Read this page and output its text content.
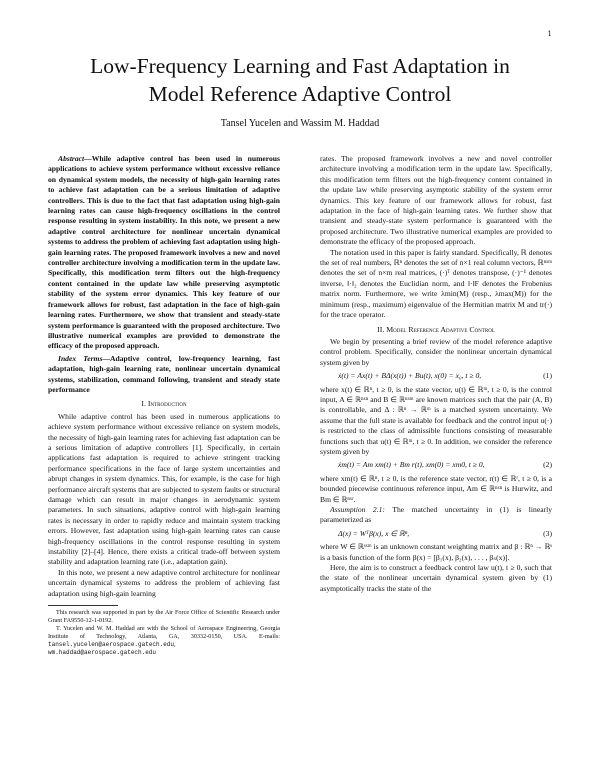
1
Low-Frequency Learning and Fast Adaptation in
Model Reference Adaptive Control
Tansel Yucelen and Wassim M. Haddad

Abstract—While adaptive control has been used in numerous applications to achieve system performance without excessive reliance on dynamical system models, the necessity of high-gain learning rates to achieve fast adaptation can be a serious limitation of adaptive controllers. This is due to the fact that fast adaptation using high-gain learning rates can cause high-frequency oscillations in the control response resulting in system instability. In this note, we present a new adaptive control architecture for nonlinear uncertain dynamical systems to address the problem of achieving fast adaptation using high-gain learning rates. The proposed framework involves a new and novel controller architecture involving a modification term in the update law. Specifically, this modification term filters out the high-frequency content contained in the update law while preserving asymptotic stability of the system error dynamics. This key feature of our framework allows for robust, fast adaptation in the face of high-gain learning rates. Furthermore, we show that transient and steady-state system performance is guaranteed with the proposed architecture. Two illustrative numerical examples are provided to demonstrate the efficacy of the proposed approach.

Index Terms—Adaptive control, low-frequency learning, fast adaptation, high-gain learning rate, nonlinear uncertain dynamical systems, stabilization, command following, transient and steady state performance

I. Introduction

While adaptive control has been used in numerous applications to achieve system performance without excessive reliance on system models, the necessity of high-gain learning rates for achieving fast adaptation can be a serious limitation of adaptive controllers [1]. Specifically, in certain applications fast adaptation is required to achieve stringent tracking performance specifications in the face of large system uncertainties and abrupt changes in system dynamics. This, for example, is the case for high performance aircraft systems that are subjected to system faults or structural damage which can result in major changes in aerodynamic system parameters. In such situations, adaptive control with high-gain learning rates is necessary in order to rapidly reduce and maintain system tracking errors. However, fast adaptation using high-gain learning rates can cause high-frequency oscillations in the control response resulting in system instability [2]–[4]. Hence, there exists a critical trade-off between system stability and adaptation learning rate (i.e., adaptation gain).

In this note, we present a new adaptive control architecture for nonlinear uncertain dynamical systems to address the problem of achieving fast adaptation using high-gain learning

This research was supported in part by the Air Force Office of Scientific Research under Grant FA9550-12-1-0192.

T. Yucelen and W. M. Haddad are with the School of Aerospace Engineering, Georgia Institute of Technology, Atlanta, GA, 30332-0150, USA. E-mails: tansel.yucelen@aerospace.gatech.edu, wm.haddad@aerospace.gatech.edu

rates. The proposed framework involves a new and novel controller architecture involving a modification term in the update law. Specifically, this modification term filters out the high-frequency content contained in the update law while preserving asymptotic stability of the system error dynamics. This key feature of our framework allows for robust, fast adaptation in the face of high-gain learning rates. We further show that transient and steady-state system performance is guaranteed with the proposed architecture. Two illustrative numerical examples are provided to demonstrate the efficacy of the proposed approach.

The notation used in this paper is fairly standard. Specifically, ℝ denotes the set of real numbers, ℝⁿ denotes the set of n×1 real column vectors, ℝⁿˣᵐ denotes the set of n×m real matrices, (·)ᵀ denotes transpose, (·)⁻¹ denotes inverse, ‖·‖₂ denotes the Euclidian norm, and ‖·‖F denotes the Frobenius matrix norm. Furthermore, we write λmin(M) (resp., λmax(M)) for the minimum (resp., maximum) eigenvalue of the Hermitian matrix M and tr(·) for the trace operator.

II. Model Reference Adaptive Control

We begin by presenting a brief review of the model reference adaptive control problem. Specifically, consider the nonlinear uncertain dynamical system given by

ẋ(t) = Ax(t) + BΔ(x(t)) + Bu(t), x(0) = x₀, t ≥ 0,	(1)

where x(t) ∈ ℝⁿ, t ≥ 0, is the state vector, u(t) ∈ ℝᵐ, t ≥ 0, is the control input, A ∈ ℝⁿˣⁿ and B ∈ ℝⁿˣᵐ are known matrices such that the pair (A, B) is controllable, and Δ : ℝⁿ → ℝᵐ is a matched system uncertainty. We assume that the full state is available for feedback and the control input u(·) is restricted to the class of admissible functions consisting of measurable functions such that u(t) ∈ ℝᵐ, t ≥ 0. In addition, we consider the reference system given by

ẋm(t) = Am xm(t) + Bm r(t), xm(0) = xm0, t ≥ 0,	(2)

where xm(t) ∈ ℝⁿ, t ≥ 0, is the reference state vector, r(t) ∈ ℝʳ, t ≥ 0, is a bounded piecewise continuous reference input, Am ∈ ℝⁿˣⁿ is Hurwitz, and Bm ∈ ℝⁿˣʳ.

Assumption 2.1: The matched uncertainty in (1) is linearly parameterized as

Δ(x) = Wᵀβ(x), x ∈ ℝⁿ,	(3)

where W ∈ ℝˢˣᵐ is an unknown constant weighting matrix and β : ℝⁿ → ℝˢ is a basis function of the form β(x) = [β₁(x), β₂(x), . . . , βₛ(x)].

Here, the aim is to construct a feedback control law u(t), t ≥ 0, such that the state of the nonlinear uncertain dynamical system given by (1) asymptotically tracks the state of the
